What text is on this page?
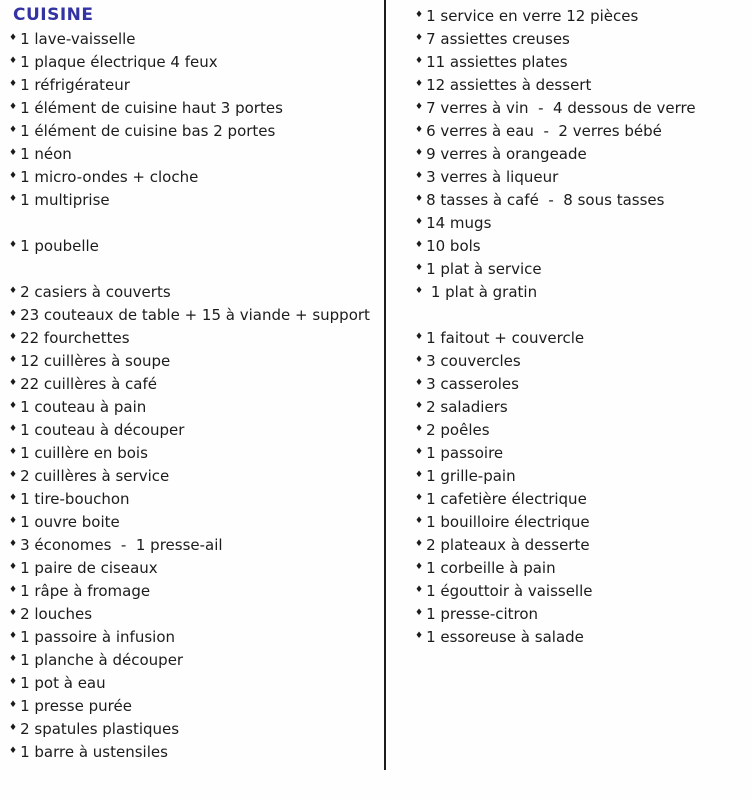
CUISINE
♦ 1 lave-vaisselle
♦ 1 plaque électrique 4 feux
♦ 1 réfrigérateur
♦ 1 élément de cuisine haut 3 portes
♦ 1 élément de cuisine bas 2 portes
♦ 1 néon
♦ 1 micro-ondes + cloche
♦ 1 multiprise
♦ 1 poubelle
♦ 2 casiers à couverts
♦ 23 couteaux de table + 15 à viande + support
♦ 22 fourchettes
♦ 12 cuillères à soupe
♦ 22 cuillères à café
♦ 1 couteau à pain
♦ 1 couteau à découper
♦ 1 cuillère en bois
♦ 2 cuillères à service
♦ 1 tire-bouchon
♦ 1 ouvre boite
♦ 3 économes  -  1 presse-ail
♦ 1 paire de ciseaux
♦ 1 râpe à fromage
♦ 2 louches
♦ 1 passoire à infusion
♦ 1 planche à découper
♦ 1 pot à eau
♦ 1 presse purée
♦ 2 spatules plastiques
♦ 1 barre à ustensiles
♦ 1 service en verre 12 pièces
♦ 7 assiettes creuses
♦ 11 assiettes plates
♦ 12 assiettes à dessert
♦ 7 verres à vin  -  4 dessous de verre
♦ 6 verres à eau  -  2 verres bébé
♦ 9 verres à orangeade
♦ 3 verres à liqueur
♦ 8 tasses à café  -  8 sous tasses
♦ 14 mugs
♦ 10 bols
♦ 1 plat à service
♦ 1 plat à gratin
♦ 1 faitout + couvercle
♦ 3 couvercles
♦ 3 casseroles
♦ 2 saladiers
♦ 2 poêles
♦ 1 passoire
♦ 1 grille-pain
♦ 1 cafetière électrique
♦ 1 bouilloire électrique
♦ 2 plateaux à desserte
♦ 1 corbeille à pain
♦ 1 égouttoir à vaisselle
♦ 1 presse-citron
♦ 1 essoreuse à salade
